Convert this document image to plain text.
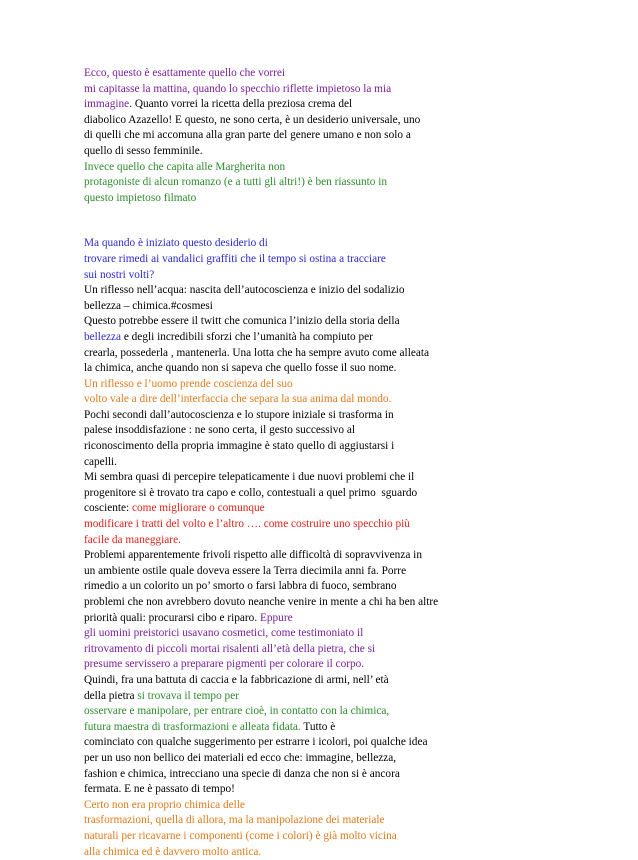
Ecco, questo è esattamente quello che vorrei
mi capitasse la mattina, quando lo specchio riflette impietoso la mia
immagine. Quanto vorrei la ricetta della preziosa crema del
diabolico Azazello! E questo, ne sono certa, è un desiderio universale, uno
di quelli che mi accomuna alla gran parte del genere umano e non solo a
quello di sesso femminile.
Invece quello che capita alle Margherita non
protagoniste di alcun romanzo (e a tutti gli altri!) è ben riassunto in
questo impietoso filmato
Ma quando è iniziato questo desiderio di
trovare rimedi ai vandalici graffiti che il tempo si ostina a tracciare
sui nostri volti?
Un riflesso nell’acqua: nascita dell’autocoscienza e inizio del sodalizio
bellezza – chimica.#cosmesi
Questo potrebbe essere il twitt che comunica l’inizio della storia della
bellezza e degli incredibili sforzi che l’umanità ha compiuto per
crearla, possederla , mantenerla. Una lotta che ha sempre avuto come alleata
la chimica, anche quando non si sapeva che quello fosse il suo nome.
Un riflesso e l’uomo prende coscienza del suo
volto vale a dire dell’interfaccia che separa la sua anima dal mondo.
Pochi secondi dall’autocoscienza e lo stupore iniziale si trasforma in
palese insoddisfazione : ne sono certa, il gesto successivo al
riconoscimento della propria immagine è stato quello di aggiustarsi i
capelli.
Mi sembra quasi di percepire telepaticamente i due nuovi problemi che il
progenitore si è trovato tra capo e collo, contestuali a quel primo  sguardo
cosciente: come migliorare o comunque
modificare i tratti del volto e l’altro …. come costruire uno specchio più
facile da maneggiare.
Problemi apparentemente frivoli rispetto alle difficoltà di sopravvivenza in
un ambiente ostile quale doveva essere la Terra diecimila anni fa. Porre
rimedio a un colorito un po’ smorto o farsi labbra di fuoco, sembrano
problemi che non avrebbero dovuto neanche venire in mente a chi ha ben altre
priorità quali: procurarsi cibo e riparo. Eppure
gli uomini preistorici usavano cosmetici, come testimoniato il
ritrovamento di piccoli mortai risalenti all’età della pietra, che si
presume servissero a preparare pigmenti per colorare il corpo.
Quindi, fra una battuta di caccia e la fabbricazione di armi, nell’ età
della pietra si trovava il tempo per
osservare e manipolare, per entrare cioè, in contatto con la chimica,
futura maestra di trasformazioni e alleata fidata. Tutto è
cominciato con qualche suggerimento per estrarre i icolori, poi qualche idea
per un uso non bellico dei materiali ed ecco che: immagine, bellezza,
fashion e chimica, intrecciano una specie di danza che non si è ancora
fermata. E ne è passato di tempo!
Certo non era proprio chimica delle
trasformazioni, quella di allora, ma la manipolazione dei materiale
naturali per ricavarne i componenti (come i colori) è già molto vicina
alla chimica ed è davvero molto antica.
